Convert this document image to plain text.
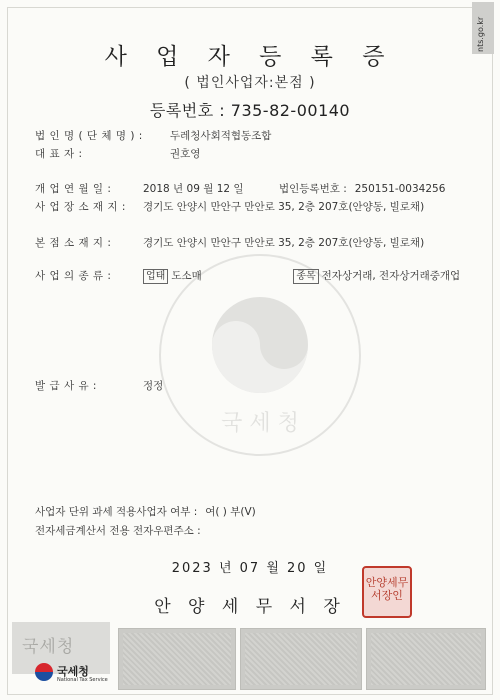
nts.go.kr
사 업 자 등 록 증
( 법인사업자:본점 )
등록번호 : 735-82-00140
국 세 청
법 인 명 ( 단 체 명 ) :	두레청사회적협동조합
대 표 자 :	권호영
개 업 연 월 일 :	2018 년 09 월 12 일	법인등록번호 : 250151-0034256
사 업 장 소 재 지 : 경기도 안양시 만안구 만안로 35, 2층 207호(안양동, 빌로채)
본 점 소 재 지 :	경기도 안양시 만안구 만안로 35, 2층 207호(안양동, 빌로채)
사 업 의 종 류 :	업태 도소매	종목 전자상거래, 전자상거래중개업
발 급 사 유 :	정정
사업자 단위 과세 적용사업자 여부 : 여( ) 부(V)
전자세금계산서 전용 전자우편주소 :
2023 년 07 월 20 일
안 양 세 무 서 장
안양세무서장인
국세청
국세청
National Tax Service
